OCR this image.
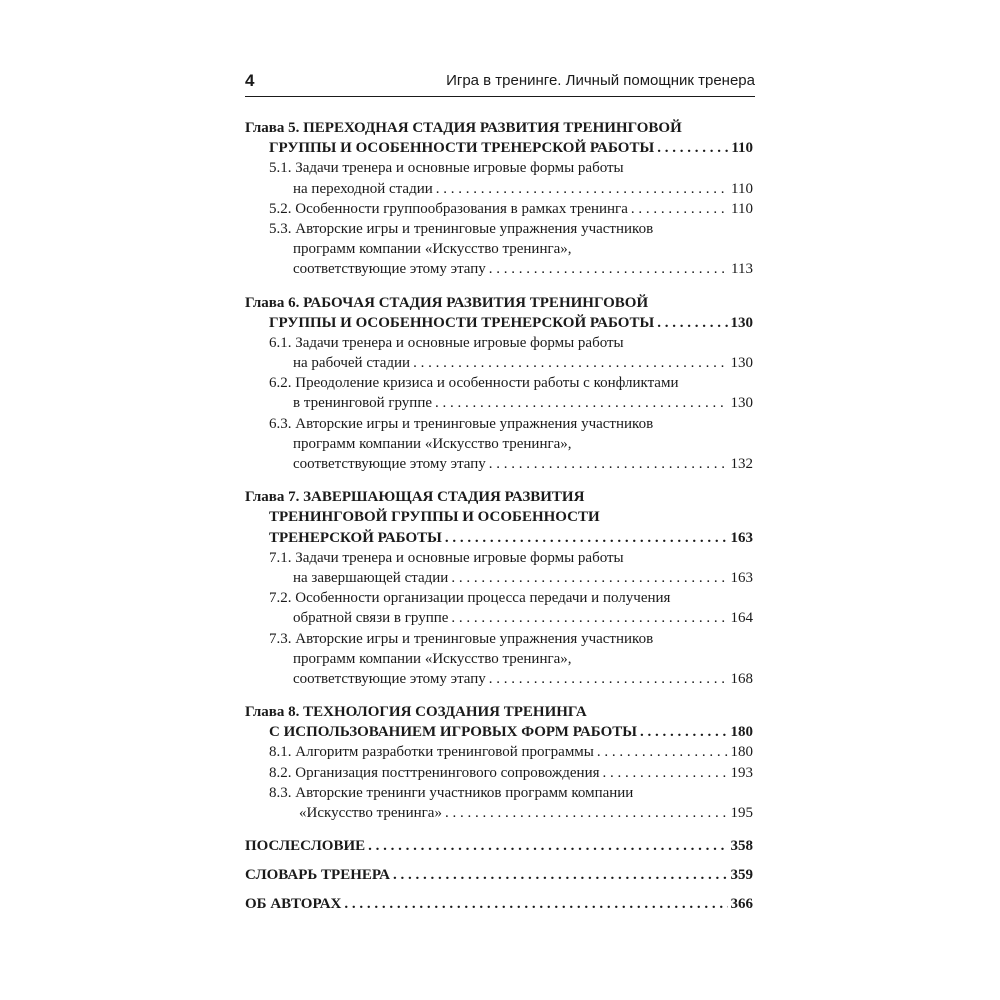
4	Игра в тренинге. Личный помощник тренера
Глава 5. ПЕРЕХОДНАЯ СТАДИЯ РАЗВИТИЯ ТРЕНИНГОВОЙ
ГРУППЫ И ОСОБЕННОСТИ ТРЕНЕРСКОЙ РАБОТЫ . . .	110
5.1. Задачи тренера и основные игровые формы работы
на переходной стадии . . .	110
5.2. Особенности группообразования в рамках тренинга . . .	110
5.3. Авторские игры и тренинговые упражнения участников
программ компании «Искусство тренинга»,
соответствующие этому этапу . . .	113
Глава 6. РАБОЧАЯ СТАДИЯ РАЗВИТИЯ ТРЕНИНГОВОЙ
ГРУППЫ И ОСОБЕННОСТИ ТРЕНЕРСКОЙ РАБОТЫ . . .	130
6.1. Задачи тренера и основные игровые формы работы
на рабочей стадии . . .	130
6.2. Преодоление кризиса и особенности работы с конфликтами
в тренинговой группе . . .	130
6.3. Авторские игры и тренинговые упражнения участников
программ компании «Искусство тренинга»,
соответствующие этому этапу . . .	132
Глава 7. ЗАВЕРШАЮЩАЯ СТАДИЯ РАЗВИТИЯ
ТРЕНИНГОВОЙ ГРУППЫ И ОСОБЕННОСТИ
ТРЕНЕРСКОЙ РАБОТЫ . . .	163
7.1. Задачи тренера и основные игровые формы работы
на завершающей стадии . . .	163
7.2. Особенности организации процесса передачи и получения
обратной связи в группе . . .	164
7.3. Авторские игры и тренинговые упражнения участников
программ компании «Искусство тренинга»,
соответствующие этому этапу . . .	168
Глава 8. ТЕХНОЛОГИЯ СОЗДАНИЯ ТРЕНИНГА
С ИСПОЛЬЗОВАНИЕМ ИГРОВЫХ ФОРМ РАБОТЫ . . .	180
8.1. Алгоритм разработки тренинговой программы . . .	180
8.2. Организация посттренингового сопровождения . . .	193
8.3. Авторские тренинги участников программ компании
«Искусство тренинга» . . .	195
ПОСЛЕСЛОВИЕ . . .	358
СЛОВАРЬ ТРЕНЕРА . . .	359
ОБ АВТОРАХ . . .	366
